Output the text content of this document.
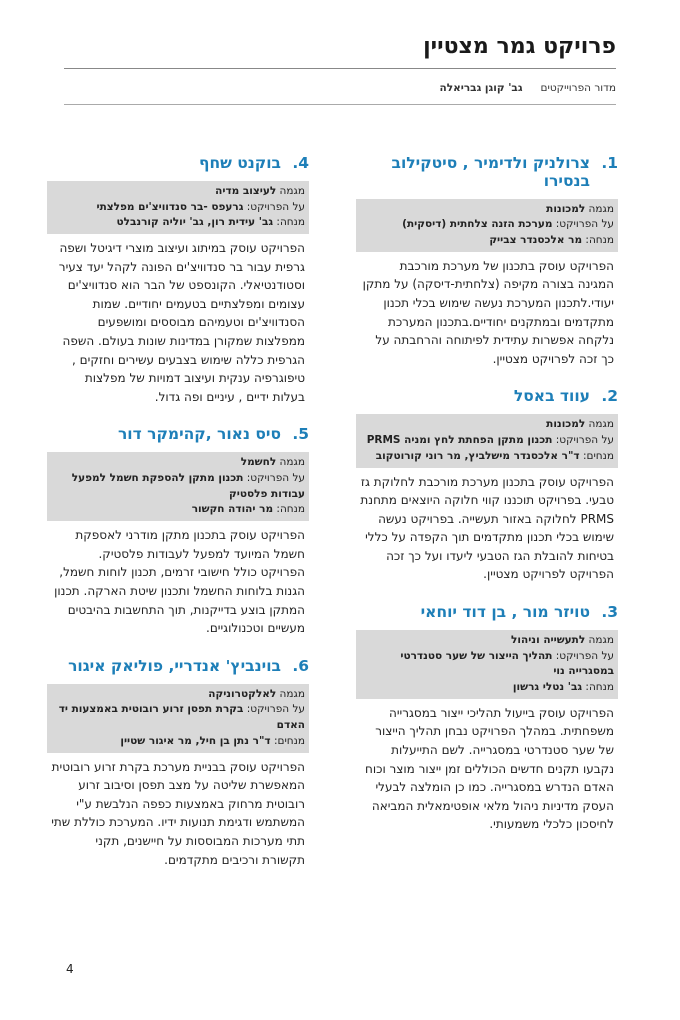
פרויקט גמר מצטיין
מדור הפרוייקטים
גב' קוגן גבריאלה
1.
צרולניק ולדימיר , סיטקילוב בנסירו
מגמה למכונות
על הפרויקט: מערכת הזנה צלחתית (דיסקית)
מנחה: מר אלכסנדר צבייק

הפרויקט עוסק בתכנון של מערכת מורכבת המגינה בצורה מקיפה (צלחתית-דיסקה) על מתקן יעודי.לתכנון המערכת נעשה שימוש בכלי תכנון מתקדמים ובמתקנים יחודיים.בתכנון המערכת נלקחה אפשרות עתידית לפיתוחה והרחבתה על כך זכה לפרויקט מצטיין.

2.
עווד באסל
מגמה למכונות
על הפרויקט: תכנון מתקן הפחתת לחץ ומניה PRMS
מנחים: ד"ר אלכסנדר מישלביץ, מר רוני קורוטקוב

הפרויקט עוסק בתכנון מערכת מורכבת לחלוקת גז טבעי. בפרויקט תוכננו קווי חלוקה היוצאים מתחנת PRMS לחלוקה באזור תעשייה. בפרויקט נעשה שימוש בכלי תכנון מתקדמים תוך הקפדה על כללי בטיחות להובלת הגז הטבעי ליעדו ועל כך זכה הפרויקט לפרויקט מצטיין.

3.
טויזר מור , בן דוד יוחאי
מגמה לתעשייה וניהול
על הפרויקט: תהליך הייצור של שער סטנדרטי במסגרייה נוי
מנחה: גב' נטלי גרשון

הפרויקט עוסק בייעול תהליכי ייצור במסגרייה משפחתית. במהלך הפרויקט נבחן תהליך הייצור של שער סטנדרטי במסגרייה. לשם התייעלות נקבעו תקנים חדשים הכוללים זמן ייצור מוצר וכוח האדם הנדרש במסגרייה. כמו כן הומלצה לבעלי העסק מדיניות ניהול מלאי אופטימאלית המביאה לחיסכון כלכלי משמעותי.

4.
בוקנט שחף
מגמה לעיצוב מדיה
על הפרויקט: גרעפס -בר סנדוויצ'ים מפלצתי
מנחה: גב' עידית רון, גב' יוליה קורנבלט

הפרויקט עוסק במיתוג ועיצוב מוצרי דיגיטל ושפה גרפית עבור בר סנדוויצ'ים הפונה לקהל יעד צעיר וסטודנטיאלי. הקונספט של הבר הוא סנדוויצ'ים עצומים ומפלצתיים בטעמים יחודיים. שמות הסנדוויצ'ים וטעמיהם מבוססים ומושפעים ממפלצות שמקורן במדינות שונות בעולם. השפה הגרפית כללה שימוש בצבעים עשירים וחזקים , טיפוגרפיה ענקית ועיצוב דמויות של מפלצות בעלות ידיים , עיניים ופה גדול.

5.
סיס נאור ,קהימקר דור
מגמה לחשמל
על הפרויקט: תכנון מתקן להספקת חשמל למפעל עבודות פלסטיק
מנחה: מר יהודה חקשור

הפרויקט עוסק בתכנון מתקן מודרני לאספקת חשמל המיועד למפעל לעבודות פלסטיק. הפרויקט כולל חישובי זרמים, תכנון לוחות חשמל, הגנות בלוחות החשמל ותכנון שיטת הארקה. תכנון המתקן בוצע בדייקנות, תוך התחשבות בהיבטים מעשיים וטכנולוגיים.

6.
בוינביץ' אנדריי, פוליאק איגור
מגמה לאלקטרוניקה
על הפרויקט: בקרת תפסן זרוע רובוטית באמצעות יד האדם
מנחים: ד"ר נתן בן חיל, מר איגור שטיין

הפרויקט עוסק בבניית מערכת בקרת זרוע רובוטית המאפשרת שליטה על מצב תפסן וסיבוב זרוע רובוטית מרחוק באמצעות כפפה הנלבשת ע"י המשתמש ודגימת תנועות ידיו. המערכת כוללת שתי תתי מערכות המבוססות על חיישנים, תקני תקשורת ורכיבים מתקדמים.

4
